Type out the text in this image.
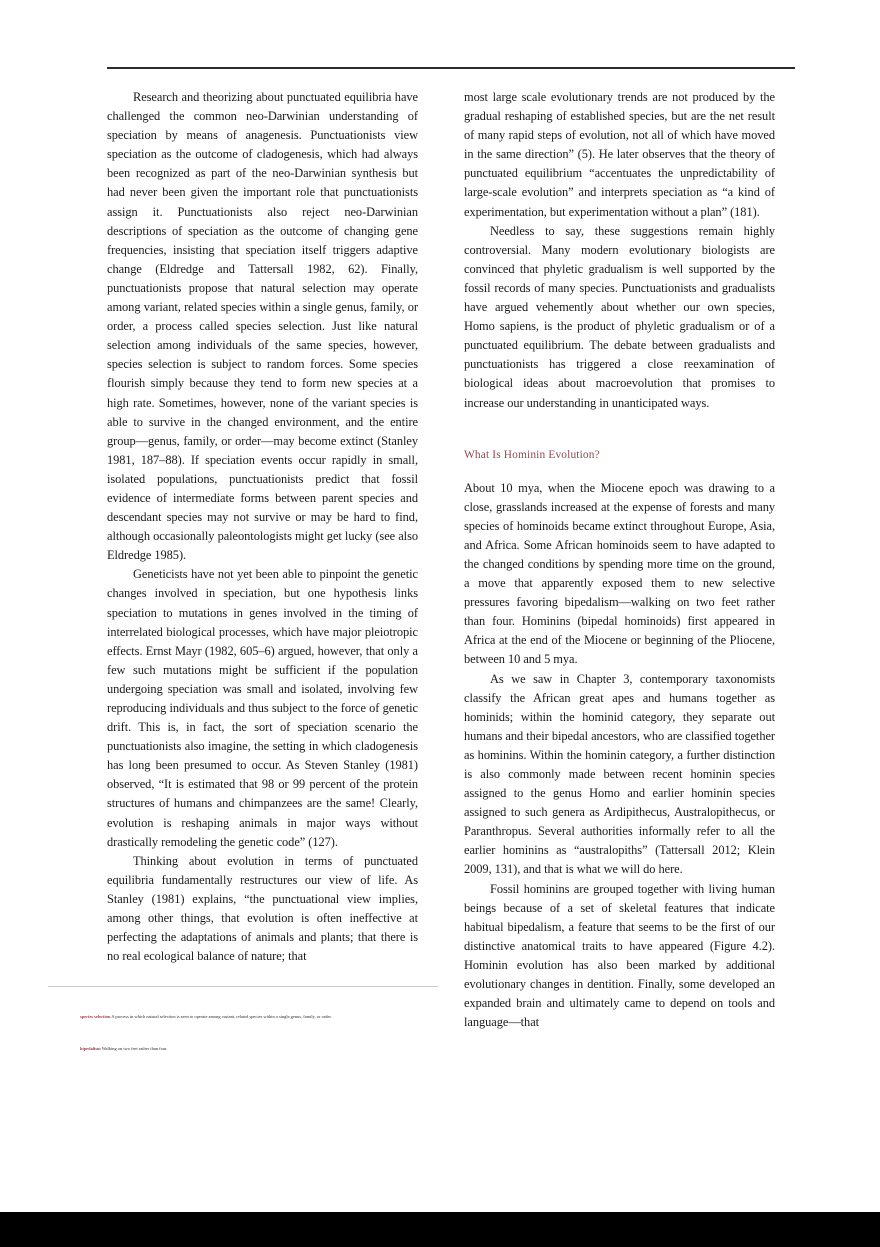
Research and theorizing about punctuated equilibria have challenged the common neo-Darwinian understanding of speciation by means of anagenesis. Punctuationists view speciation as the outcome of cladogenesis, which had always been recognized as part of the neo-Darwinian synthesis but had never been given the important role that punctuationists assign it. Punctuationists also reject neo-Darwinian descriptions of speciation as the outcome of changing gene frequencies, insisting that speciation itself triggers adaptive change (Eldredge and Tattersall 1982, 62). Finally, punctuationists propose that natural selection may operate among variant, related species within a single genus, family, or order, a process called species selection. Just like natural selection among individuals of the same species, however, species selection is subject to random forces. Some species flourish simply because they tend to form new species at a high rate. Sometimes, however, none of the variant species is able to survive in the changed environment, and the entire group—genus, family, or order—may become extinct (Stanley 1981, 187–88). If speciation events occur rapidly in small, isolated populations, punctuationists predict that fossil evidence of intermediate forms between parent species and descendant species may not survive or may be hard to find, although occasionally paleontologists might get lucky (see also Eldredge 1985).

Geneticists have not yet been able to pinpoint the genetic changes involved in speciation, but one hypothesis links speciation to mutations in genes involved in the timing of interrelated biological processes, which have major pleiotropic effects. Ernst Mayr (1982, 605–6) argued, however, that only a few such mutations might be sufficient if the population undergoing speciation was small and isolated, involving few reproducing individuals and thus subject to the force of genetic drift. This is, in fact, the sort of speciation scenario the punctuationists also imagine, the setting in which cladogenesis has long been presumed to occur. As Steven Stanley (1981) observed, “It is estimated that 98 or 99 percent of the protein structures of humans and chimpanzees are the same! Clearly, evolution is reshaping animals in major ways without drastically remodeling the genetic code” (127).

Thinking about evolution in terms of punctuated equilibria fundamentally restructures our view of life. As Stanley (1981) explains, “the punctuational view implies, among other things, that evolution is often ineffective at perfecting the adaptations of animals and plants; that there is no real ecological balance of nature; that

most large scale evolutionary trends are not produced by the gradual reshaping of established species, but are the net result of many rapid steps of evolution, not all of which have moved in the same direction” (5). He later observes that the theory of punctuated equilibrium “accentuates the unpredictability of large-scale evolution” and interprets speciation as “a kind of experimentation, but experimentation without a plan” (181).

Needless to say, these suggestions remain highly controversial. Many modern evolutionary biologists are convinced that phyletic gradualism is well supported by the fossil records of many species. Punctuationists and gradualists have argued vehemently about whether our own species, Homo sapiens, is the product of phyletic gradualism or of a punctuated equilibrium. The debate between gradualists and punctuationists has triggered a close reexamination of biological ideas about macroevolution that promises to increase our understanding in unanticipated ways.

What Is Hominin Evolution?

About 10 mya, when the Miocene epoch was drawing to a close, grasslands increased at the expense of forests and many species of hominoids became extinct throughout Europe, Asia, and Africa. Some African hominoids seem to have adapted to the changed conditions by spending more time on the ground, a move that apparently exposed them to new selective pressures favoring bipedalism—walking on two feet rather than four. Hominins (bipedal hominoids) first appeared in Africa at the end of the Miocene or beginning of the Pliocene, between 10 and 5 mya.

As we saw in Chapter 3, contemporary taxonomists classify the African great apes and humans together as hominids; within the hominid category, they separate out humans and their bipedal ancestors, who are classified together as hominins. Within the hominin category, a further distinction is also commonly made between recent hominin species assigned to the genus Homo and earlier hominin species assigned to such genera as Ardipithecus, Australopithecus, or Paranthropus. Several authorities informally refer to all the earlier hominins as “australopiths” (Tattersall 2012; Klein 2009, 131), and that is what we will do here.

Fossil hominins are grouped together with living human beings because of a set of skeletal features that indicate habitual bipedalism, a feature that seems to be the first of our distinctive anatomical traits to have appeared (Figure 4.2). Hominin evolution has also been marked by additional evolutionary changes in dentition. Finally, some developed an expanded brain and ultimately came to depend on tools and language—that

species selection A process in which natural selection is seen to operate among variant, related species within a single genus, family, or order.

bipedalism Walking on two feet rather than four.
